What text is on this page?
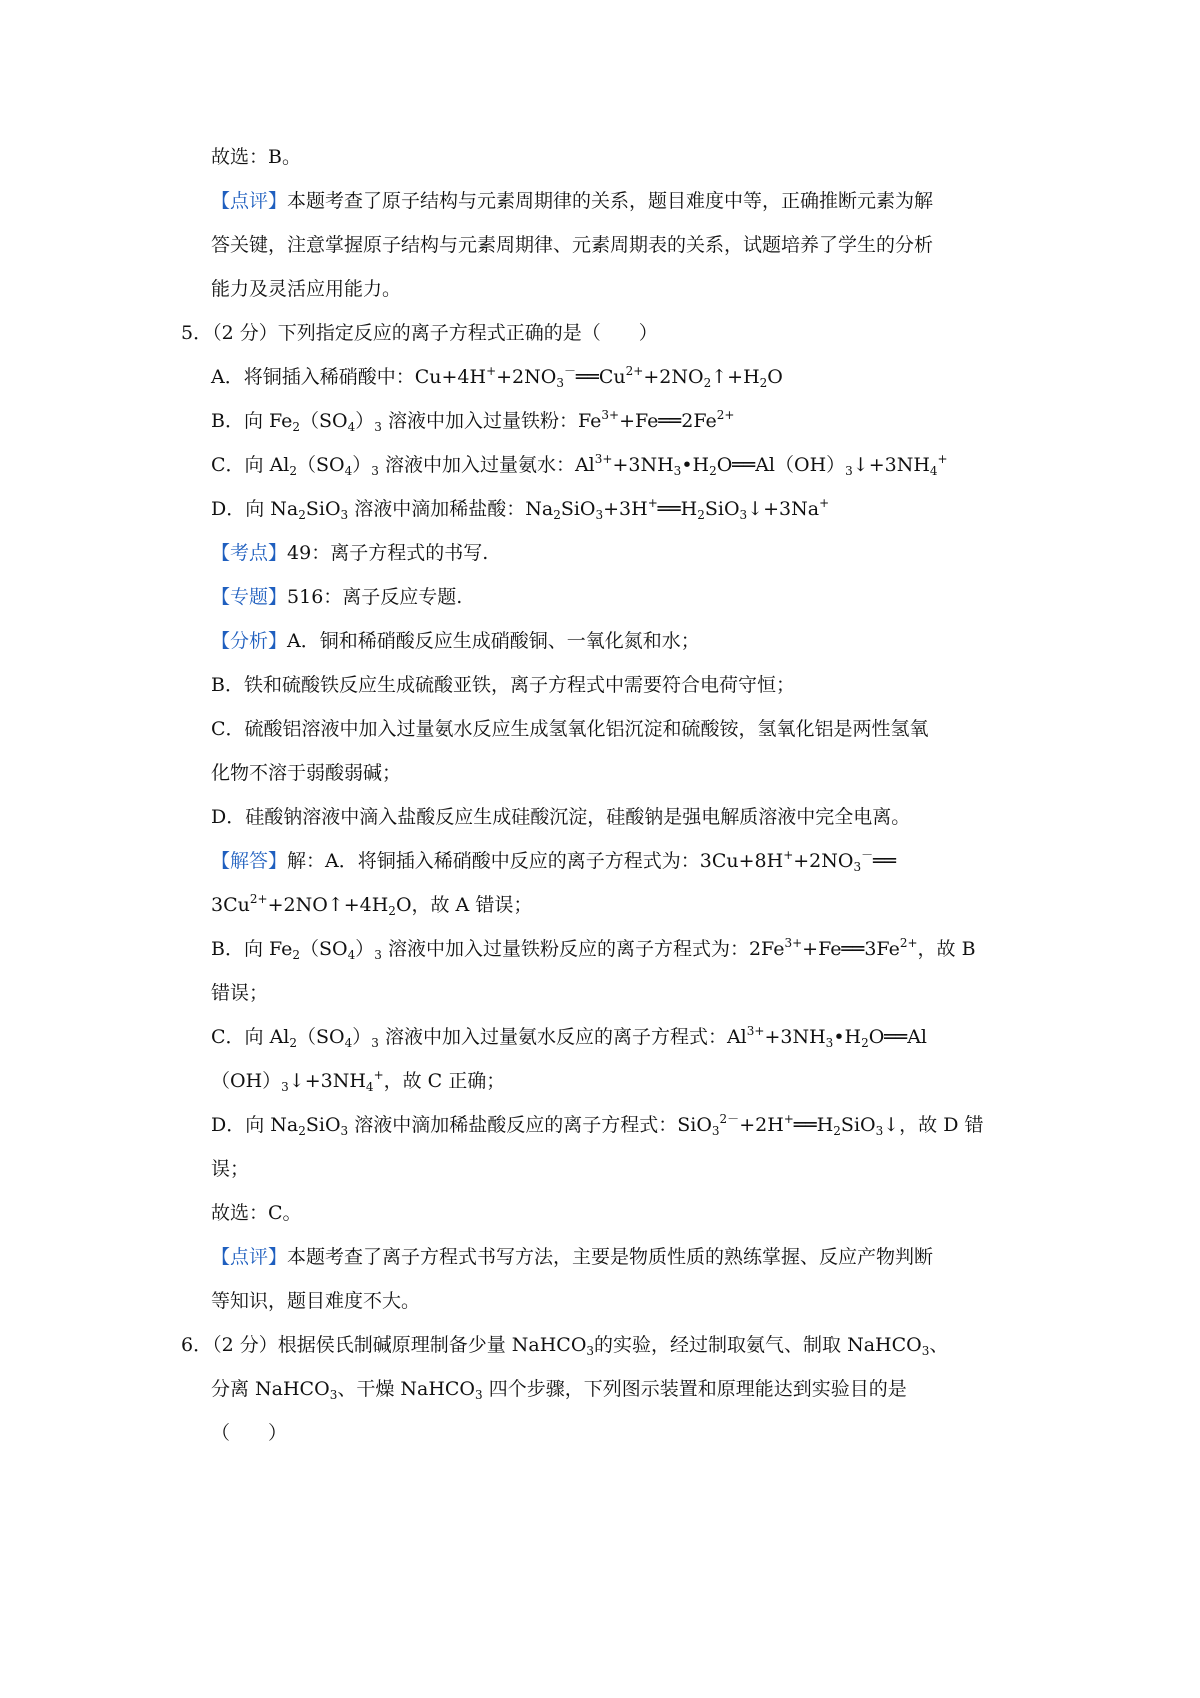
故选：B。
【点评】本题考查了原子结构与元素周期律的关系，题目难度中等，正确推断元素为解
答关键，注意掌握原子结构与元素周期律、元素周期表的关系，试题培养了学生的分析
能力及灵活应用能力。
5．（2 分）下列指定反应的离子方程式正确的是（　　）
A．将铜插入稀硝酸中：$Cu+4H^++2NO_3^-══Cu^{2+}+2NO_2↑+H_2O$
B．向 $Fe_2(SO_4)_3$ 溶液中加入过量铁粉：$Fe^{3+}+Fe══2Fe^{2+}$
C．向 $Al_2(SO_4)_3$ 溶液中加入过量氨水：$Al^{3+}+3NH_3•H_2O══Al(OH)_3↓+3NH_4^+$
D．向 $Na_2SiO_3$ 溶液中滴加稀盐酸：$Na_2SiO_3+3H^+══H_2SiO_3↓+3Na^+$
【考点】49：离子方程式的书写.
【专题】516：离子反应专题.
【分析】A．铜和稀硝酸反应生成硝酸铜、一氧化氮和水；
B．铁和硫酸铁反应生成硫酸亚铁，离子方程式中需要符合电荷守恒；
C．硫酸铝溶液中加入过量氨水反应生成氢氧化铝沉淀和硫酸铵，氢氧化铝是两性氢氧
化物不溶于弱酸弱碱；
D．硅酸钠溶液中滴入盐酸反应生成硅酸沉淀，硅酸钠是强电解质溶液中完全电离。
【解答】解：A．将铜插入稀硝酸中反应的离子方程式为：$3Cu+8H^++2NO_3^-══$
$3Cu^{2+}+2NO↑+4H_2O$，故 A 错误；
B．向 $Fe_2(SO_4)_3$ 溶液中加入过量铁粉反应的离子方程式为：$2Fe^{3+}+Fe══3Fe^{2+}$，故 B
错误；
C．向 $Al_2(SO_4)_3$ 溶液中加入过量氨水反应的离子方程式：$Al^{3+}+3NH_3•H_2O══Al$
$(OH)_3↓+3NH_4^+$，故 C 正确；
D．向 $Na_2SiO_3$ 溶液中滴加稀盐酸反应的离子方程式：$SiO_3^{2-}+2H^+══H_2SiO_3↓$，故 D 错
误；
故选：C。
【点评】本题考查了离子方程式书写方法，主要是物质性质的熟练掌握、反应产物判断
等知识，题目难度不大。
6．（2 分）根据侯氏制碱原理制备少量 NaHCO$_3$的实验，经过制取氨气、制取 NaHCO$_3$、
分离 NaHCO$_3$、干燥 NaHCO$_3$ 四个步骤，下列图示装置和原理能达到实验目的是
（　　）
